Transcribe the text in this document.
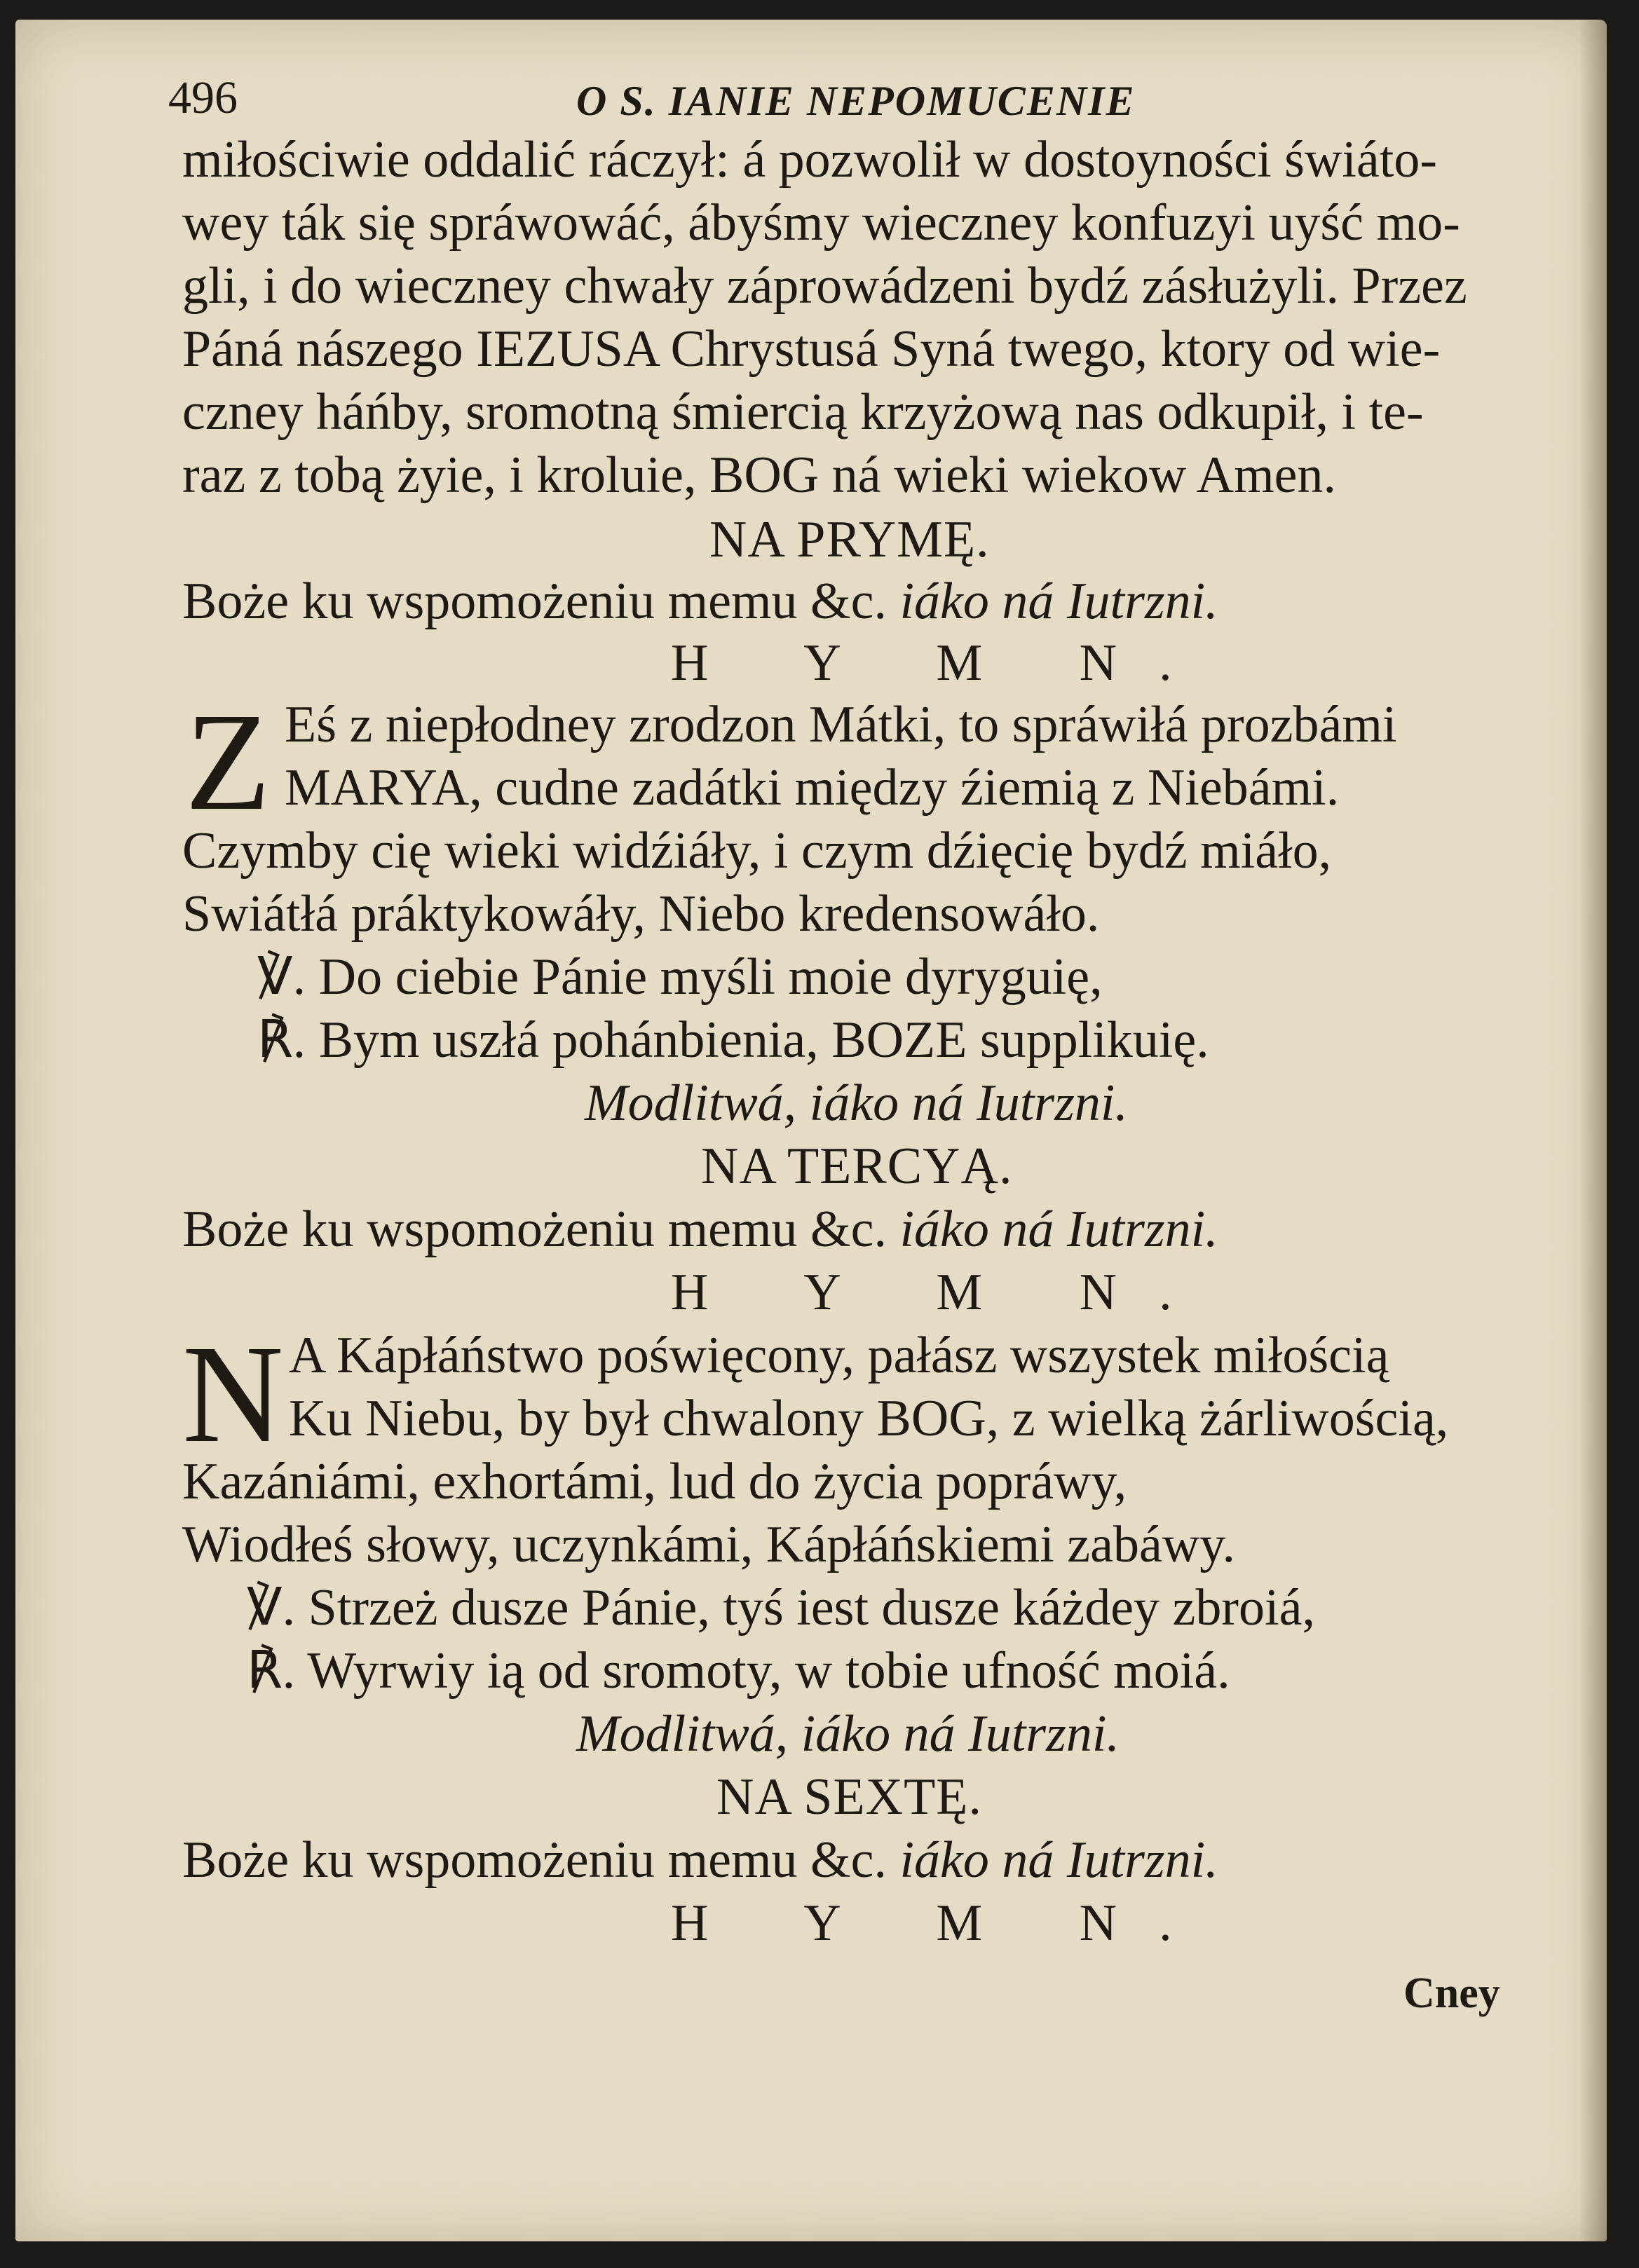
496	O S. IANIE NEPOMUCENIE
miłościwie oddalić ráczył: á pozwolił w dostoyności świáto-
wey ták się spráwowáć, ábyśmy wieczney konfuzyi uyść mo-
gli, i do wieczney chwały záprowádzeni bydź zásłużyli. Przez
Páná nászego IEZUSA Chrystusá Syná twego, ktory od wie-
czney háńby, sromotną śmiercią krzyżową nas odkupił, i te-
raz z tobą żyie, i kroluie, BOG ná wieki wiekow Amen.
NA PRYMĘ.
Boże ku wspomożeniu memu &c. iáko ná Iutrzni.
H Y M N.
Z Eś z niepłodney zrodzon Mátki, to spráwiłá prozbámi
MARYA, cudne zadátki między źiemią z Niebámi.
Czymby cię wieki widźiáły, i czym dźięcię bydź miáło,
Swiátłá práktykowáły, Niebo kredensowáło.
℣. Do ciebie Pánie myśli moie dyryguię,
℟. Bym uszłá pohánbienia, BOZE supplikuię.
Modlitwá, iáko ná Iutrzni.
NA TERCYĄ.
Boże ku wspomożeniu memu &c. iáko ná Iutrzni.
H Y M N.
N A Kápłáństwo poświęcony, pałász wszystek miłością
Ku Niebu, by był chwalony BOG, z wielką żárliwością,
Kazániámi, exhortámi, lud do życia popráwy,
Wiodłeś słowy, uczynkámi, Kápłáńskiemi zabáwy.
℣. Strzeż dusze Pánie, tyś iest dusze káżdey zbroiá,
℟. Wyrwiy ią od sromoty, w tobie ufność moiá.
Modlitwá, iáko ná Iutrzni.
NA SEXTĘ.
Boże ku wspomożeniu memu &c. iáko ná Iutrzni.
H Y M N.
Cney
